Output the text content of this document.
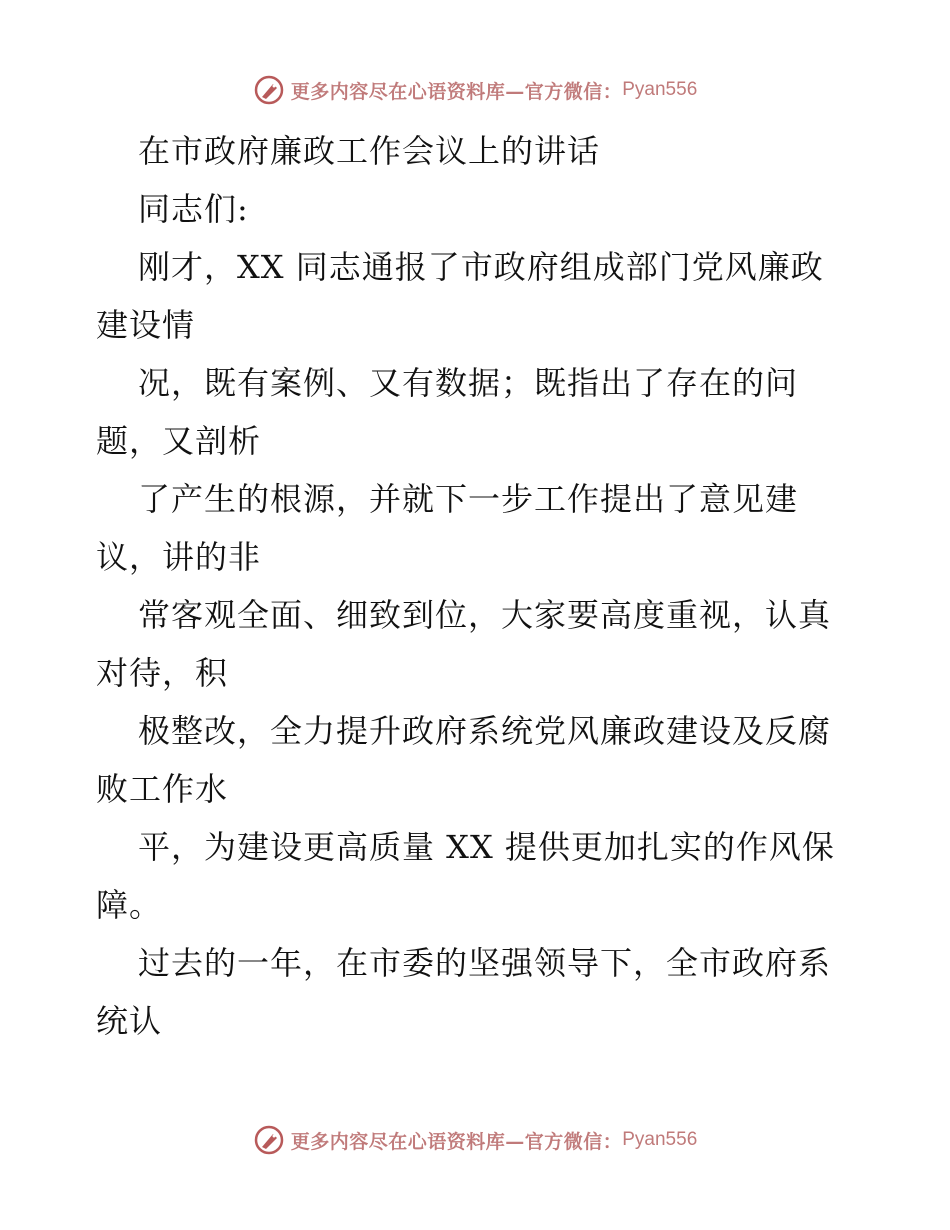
更多内容尽在心语资料库—官方微信： Pyan556
在市政府廉政工作会议上的讲话
同志们:
刚才，XX 同志通报了市政府组成部门党风廉政
建设情
况，既有案例、又有数据；既指出了存在的问
题，又剖析
了产生的根源，并就下一步工作提出了意见建
议，讲的非
常客观全面、细致到位，大家要高度重视，认真
对待，积
极整改，全力提升政府系统党风廉政建设及反腐
败工作水
平，为建设更高质量 XX 提供更加扎实的作风保
障。
过去的一年，在市委的坚强领导下，全市政府系
统认
更多内容尽在心语资料库—官方微信： Pyan556
